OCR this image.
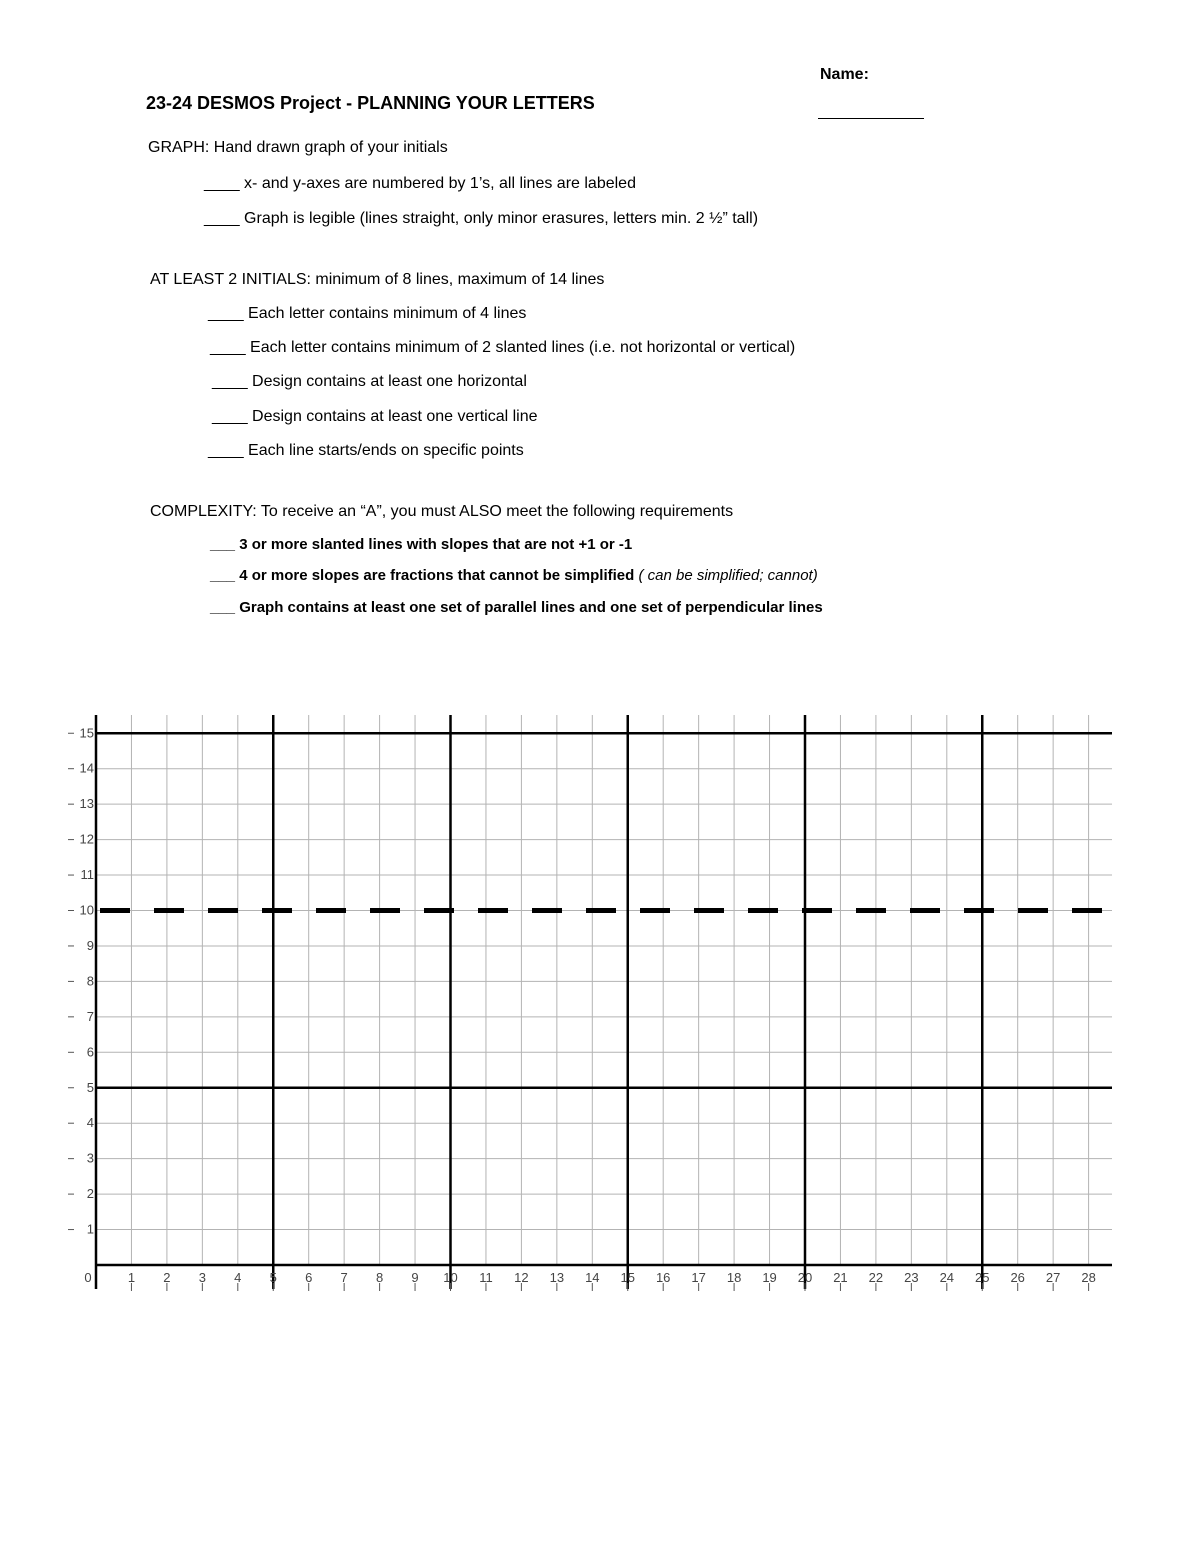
23-24 DESMOS Project - PLANNING YOUR LETTERS
Name:
GRAPH: Hand drawn graph of your initials
____ x- and y-axes are numbered by 1’s, all lines are labeled
____ Graph is legible (lines straight, only minor erasures, letters min. 2 ½” tall)
AT LEAST 2 INITIALS: minimum of 8 lines, maximum of 14 lines
____ Each letter contains minimum of 4 lines
____ Each letter contains minimum of 2 slanted lines (i.e. not horizontal or vertical)
____ Design contains at least one horizontal
____ Design contains at least one vertical line
____ Each line starts/ends on specific points
COMPLEXITY: To receive an “A”, you must ALSO meet the following requirements
___ 3 or more slanted lines with slopes that are not +1 or -1
___ 4 or more slopes are fractions that cannot be simplified ( can be simplified; cannot)
___ Graph contains at least one set of parallel lines and one set of perpendicular lines
0	1 2 3 4 5 6 7 8 9 10 11 12 13 14 15 16 17 18 19 20 21 22 23 24 25 26 27 28
1
2
3
4
5
6
7
8
9
10
11
12
13
14
15
